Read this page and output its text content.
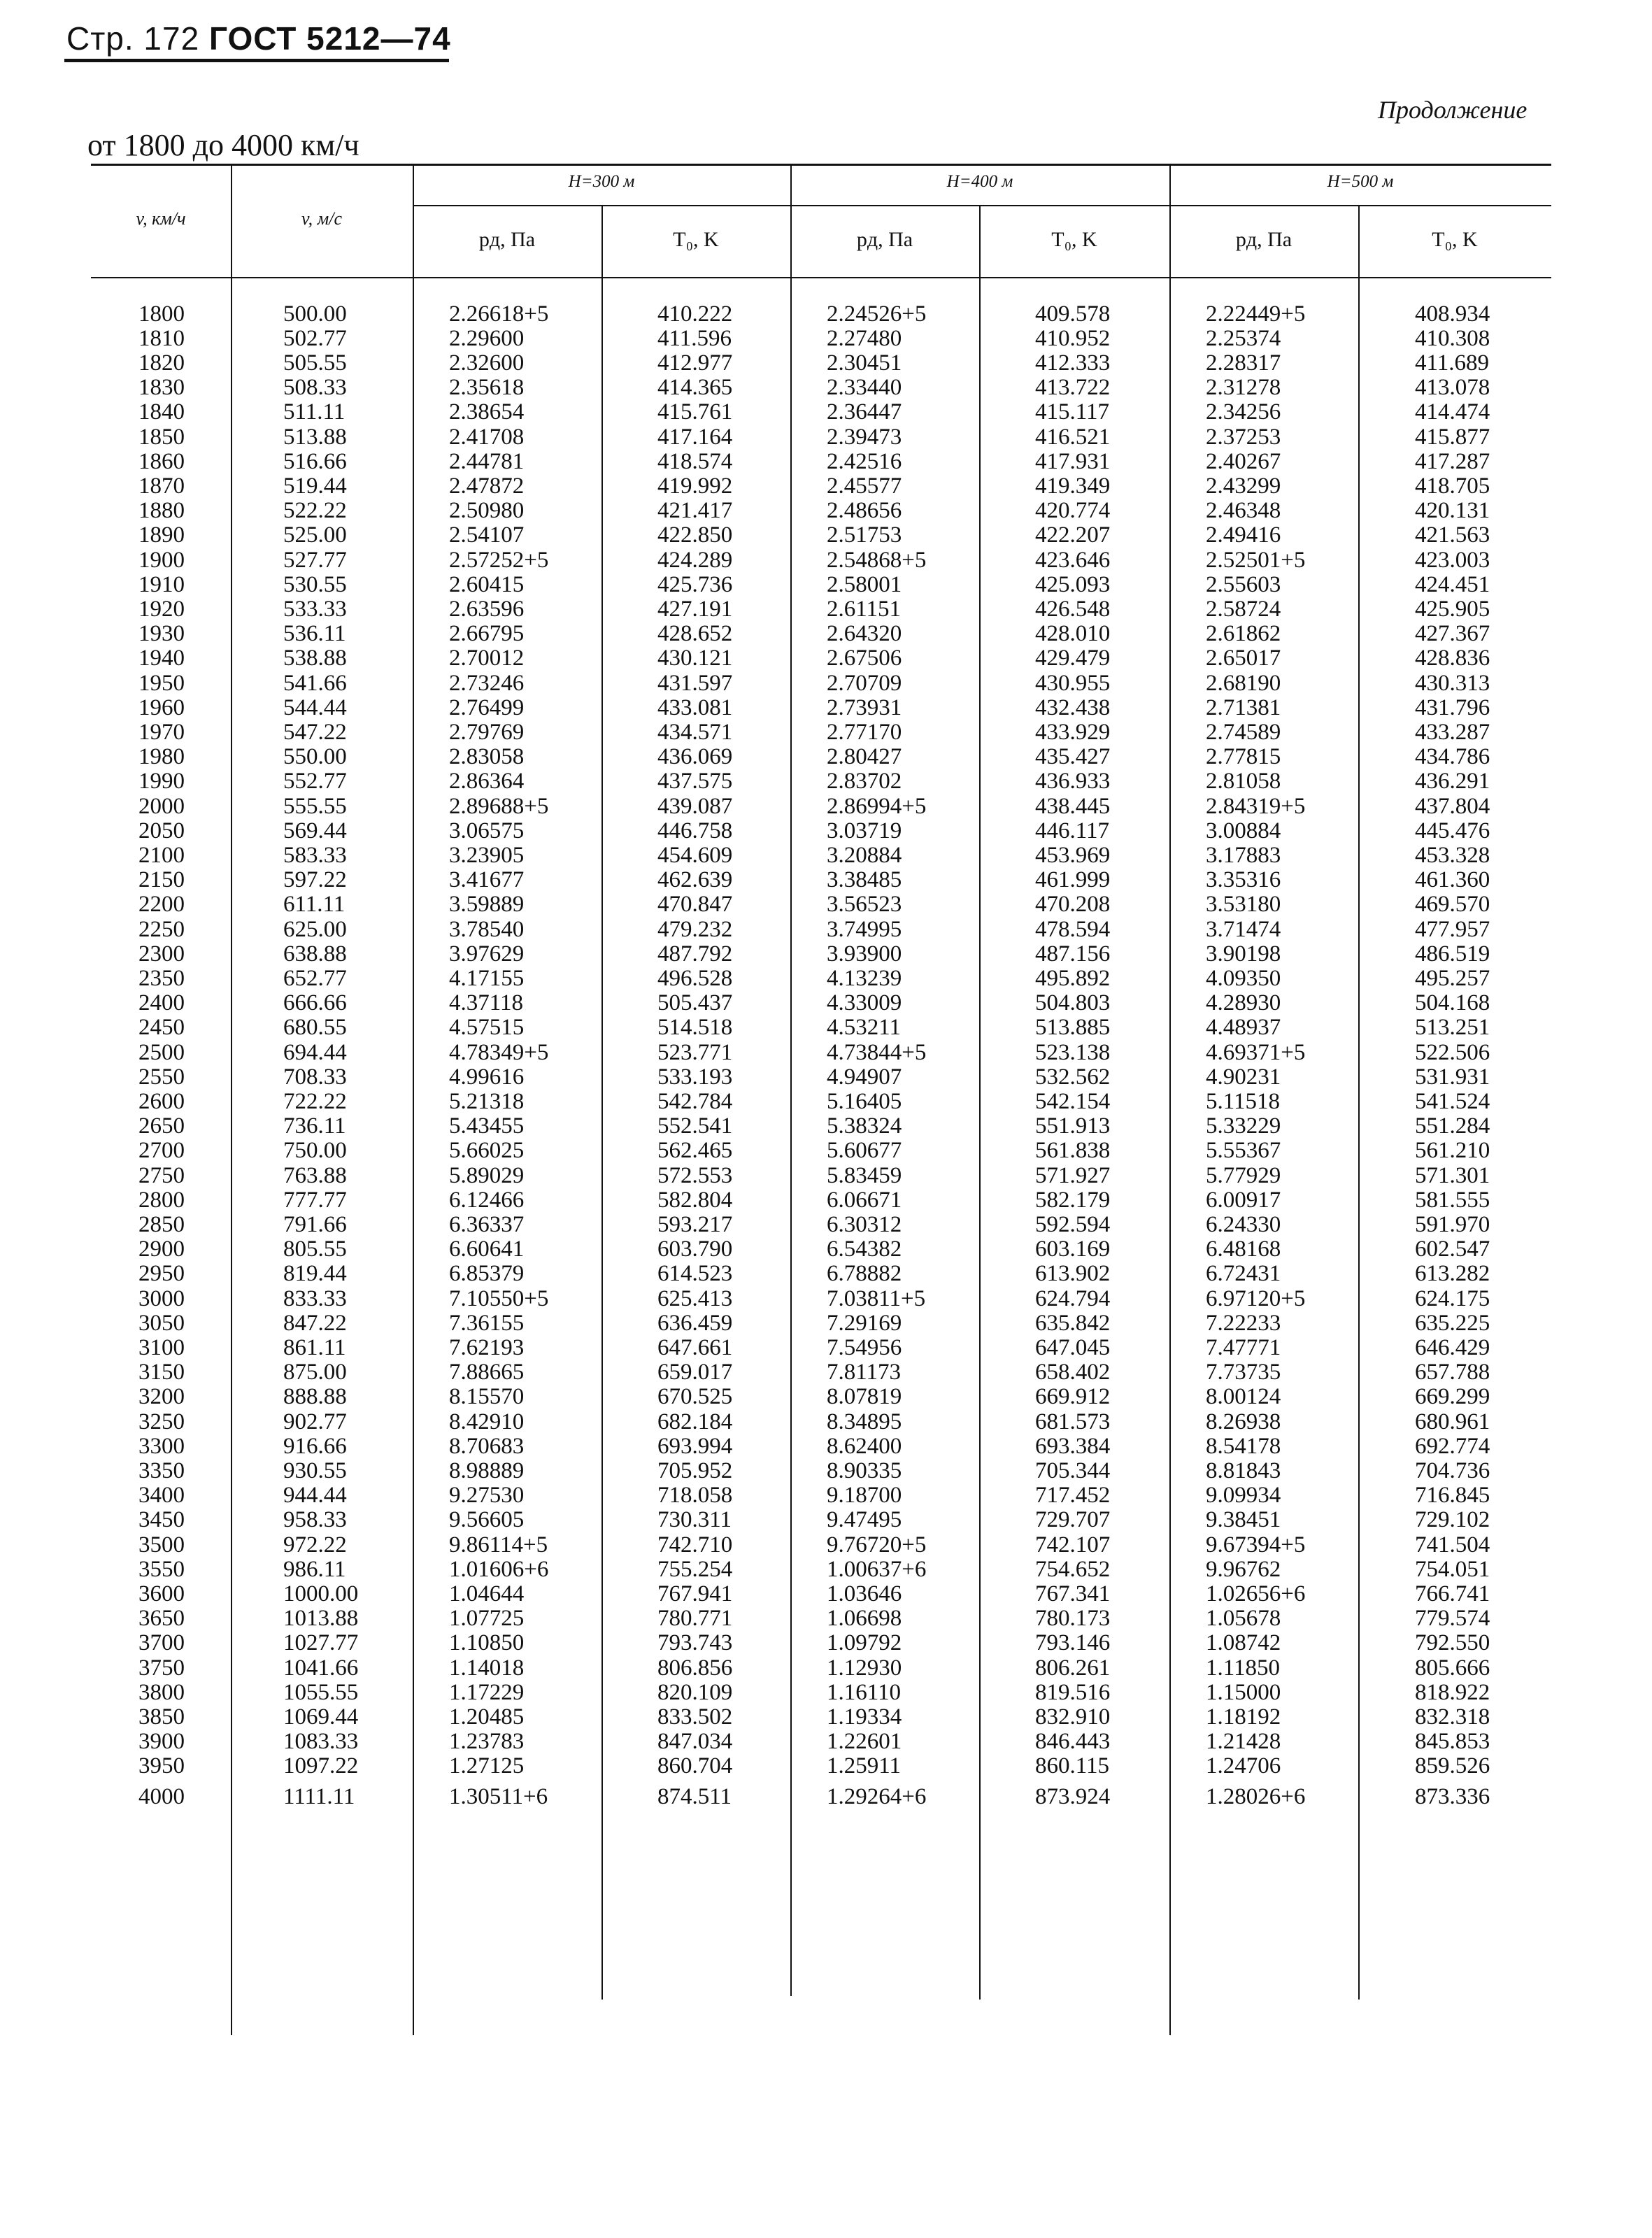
Стр. 172 ГОСТ 5212—74
Продолжение
от 1800 до 4000 км/ч
v, км/ч	v, м/с
H=300 м	H=400 м	H=500 м
pд, Па	T₀, K	pд, Па	T₀, K	pд, Па	T₀, K
1800	500.00	2.26618+5	410.222	2.24526+5	409.578	2.22449+5	408.934
1810	502.77	2.29600	411.596	2.27480	410.952	2.25374	410.308
1820	505.55	2.32600	412.977	2.30451	412.333	2.28317	411.689
1830	508.33	2.35618	414.365	2.33440	413.722	2.31278	413.078
1840	511.11	2.38654	415.761	2.36447	415.117	2.34256	414.474
1850	513.88	2.41708	417.164	2.39473	416.521	2.37253	415.877
1860	516.66	2.44781	418.574	2.42516	417.931	2.40267	417.287
1870	519.44	2.47872	419.992	2.45577	419.349	2.43299	418.705
1880	522.22	2.50980	421.417	2.48656	420.774	2.46348	420.131
1890	525.00	2.54107	422.850	2.51753	422.207	2.49416	421.563
1900	527.77	2.57252+5	424.289	2.54868+5	423.646	2.52501+5	423.003
1910	530.55	2.60415	425.736	2.58001	425.093	2.55603	424.451
1920	533.33	2.63596	427.191	2.61151	426.548	2.58724	425.905
1930	536.11	2.66795	428.652	2.64320	428.010	2.61862	427.367
1940	538.88	2.70012	430.121	2.67506	429.479	2.65017	428.836
1950	541.66	2.73246	431.597	2.70709	430.955	2.68190	430.313
1960	544.44	2.76499	433.081	2.73931	432.438	2.71381	431.796
1970	547.22	2.79769	434.571	2.77170	433.929	2.74589	433.287
1980	550.00	2.83058	436.069	2.80427	435.427	2.77815	434.786
1990	552.77	2.86364	437.575	2.83702	436.933	2.81058	436.291
2000	555.55	2.89688+5	439.087	2.86994+5	438.445	2.84319+5	437.804
2050	569.44	3.06575	446.758	3.03719	446.117	3.00884	445.476
2100	583.33	3.23905	454.609	3.20884	453.969	3.17883	453.328
2150	597.22	3.41677	462.639	3.38485	461.999	3.35316	461.360
2200	611.11	3.59889	470.847	3.56523	470.208	3.53180	469.570
2250	625.00	3.78540	479.232	3.74995	478.594	3.71474	477.957
2300	638.88	3.97629	487.792	3.93900	487.156	3.90198	486.519
2350	652.77	4.17155	496.528	4.13239	495.892	4.09350	495.257
2400	666.66	4.37118	505.437	4.33009	504.803	4.28930	504.168
2450	680.55	4.57515	514.518	4.53211	513.885	4.48937	513.251
2500	694.44	4.78349+5	523.771	4.73844+5	523.138	4.69371+5	522.506
2550	708.33	4.99616	533.193	4.94907	532.562	4.90231	531.931
2600	722.22	5.21318	542.784	5.16405	542.154	5.11518	541.524
2650	736.11	5.43455	552.541	5.38324	551.913	5.33229	551.284
2700	750.00	5.66025	562.465	5.60677	561.838	5.55367	561.210
2750	763.88	5.89029	572.553	5.83459	571.927	5.77929	571.301
2800	777.77	6.12466	582.804	6.06671	582.179	6.00917	581.555
2850	791.66	6.36337	593.217	6.30312	592.594	6.24330	591.970
2900	805.55	6.60641	603.790	6.54382	603.169	6.48168	602.547
2950	819.44	6.85379	614.523	6.78882	613.902	6.72431	613.282
3000	833.33	7.10550+5	625.413	7.03811+5	624.794	6.97120+5	624.175
3050	847.22	7.36155	636.459	7.29169	635.842	7.22233	635.225
3100	861.11	7.62193	647.661	7.54956	647.045	7.47771	646.429
3150	875.00	7.88665	659.017	7.81173	658.402	7.73735	657.788
3200	888.88	8.15570	670.525	8.07819	669.912	8.00124	669.299
3250	902.77	8.42910	682.184	8.34895	681.573	8.26938	680.961
3300	916.66	8.70683	693.994	8.62400	693.384	8.54178	692.774
3350	930.55	8.98889	705.952	8.90335	705.344	8.81843	704.736
3400	944.44	9.27530	718.058	9.18700	717.452	9.09934	716.845
3450	958.33	9.56605	730.311	9.47495	729.707	9.38451	729.102
3500	972.22	9.86114+5	742.710	9.76720+5	742.107	9.67394+5	741.504
3550	986.11	1.01606+6	755.254	1.00637+6	754.652	9.96762	754.051
3600	1000.00	1.04644	767.941	1.03646	767.341	1.02656+6	766.741
3650	1013.88	1.07725	780.771	1.06698	780.173	1.05678	779.574
3700	1027.77	1.10850	793.743	1.09792	793.146	1.08742	792.550
3750	1041.66	1.14018	806.856	1.12930	806.261	1.11850	805.666
3800	1055.55	1.17229	820.109	1.16110	819.516	1.15000	818.922
3850	1069.44	1.20485	833.502	1.19334	832.910	1.18192	832.318
3900	1083.33	1.23783	847.034	1.22601	846.443	1.21428	845.853
3950	1097.22	1.27125	860.704	1.25911	860.115	1.24706	859.526
4000	1111.11	1.30511+6	874.511	1.29264+6	873.924	1.28026+6	873.336
